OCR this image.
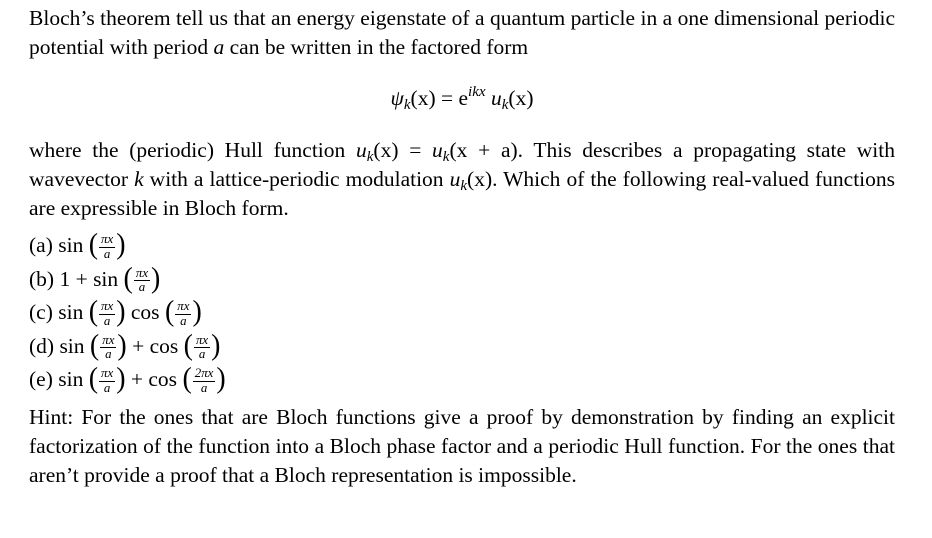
Bloch’s theorem tell us that an energy eigenstate of a quantum particle in a one dimensional periodic potential with period a can be written in the factored form

$\psi_k(x) = e^{ikx}$ $u_k(x)$

where the (periodic) Hull function $u_k(x) = u_k(x + a)$. This describes a propagating state with wavevector k with a lattice-periodic modulation $u_k(x)$. Which of the following real-valued functions are expressible in Bloch form.

(a) sin ( $\frac{\pi x}{a}$ )
(b) 1 + sin ( $\frac{\pi x}{a}$ )
(c) sin ( $\frac{\pi x}{a}$ ) cos ( $\frac{\pi x}{a}$ )
(d) sin ( $\frac{\pi x}{a}$ ) + cos ( $\frac{\pi x}{a}$ )
(e) sin ( $\frac{\pi x}{a}$ ) + cos ( $\frac{2\pi x}{a}$ )

Hint: For the ones that are Bloch functions give a proof by demonstration by finding an explicit factorization of the function into a Bloch phase factor and a periodic Hull function. For the ones that aren’t provide a proof that a Bloch representation is impossible.
